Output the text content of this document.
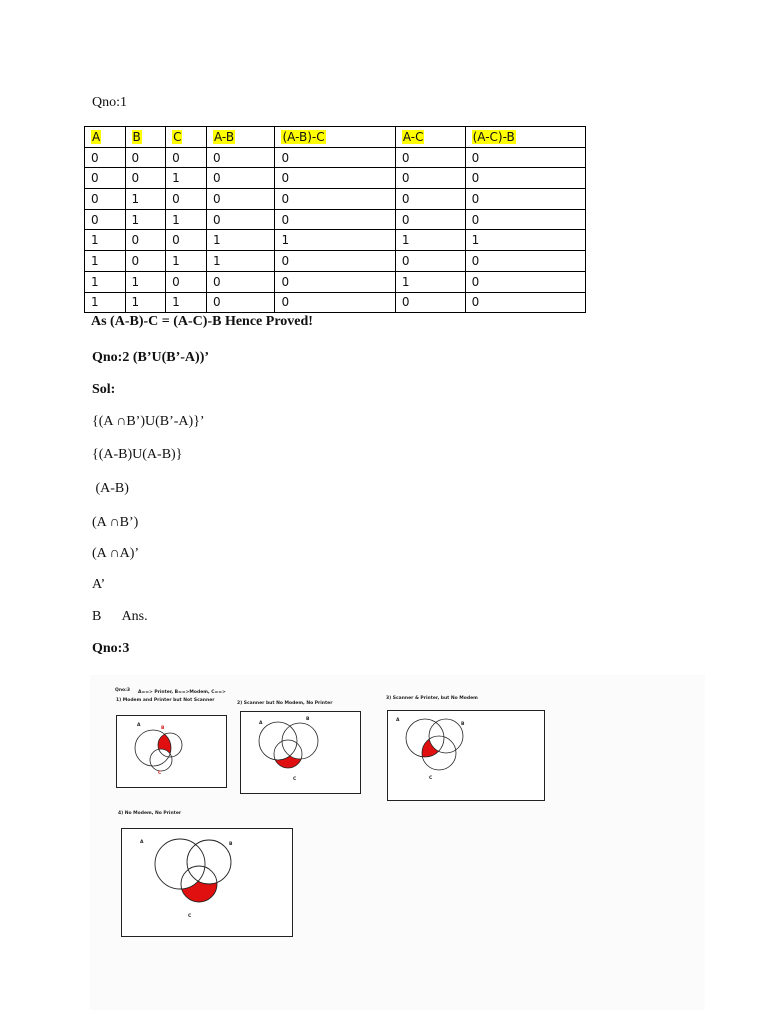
Qno:1
A	B	C	A-B	(A-B)-C	A-C	(A-C)-B
0	0	0	0	0	0	0
0	0	1	0	0	0	0
0	1	0	0	0	0	0
0	1	1	0	0	0	0
1	0	0	1	1	1	1
1	0	1	1	0	0	0
1	1	0	0	0	1	0
1	1	1	0	0	0	0
As (A-B)-C = (A-C)-B Hence Proved!
Qno:2 (B’U(B’-A))’
Sol:
{(A ∩B’)U(B’-A)}’
{(A-B)U(A-B)}
(A-B)
(A ∩B’)
(A ∩A)’
A’
B      Ans.
Qno:3
Qno:3 A==> Printer, B==>Modem, C==>
1) Modem and Printer but Not Scanner
A
B
C
2) Scanner but No Modem, No Printer
A
B
C
3) Scanner & Printer, but No Modem
A
B
C
4) No Modem, No Printer
A	B
C
